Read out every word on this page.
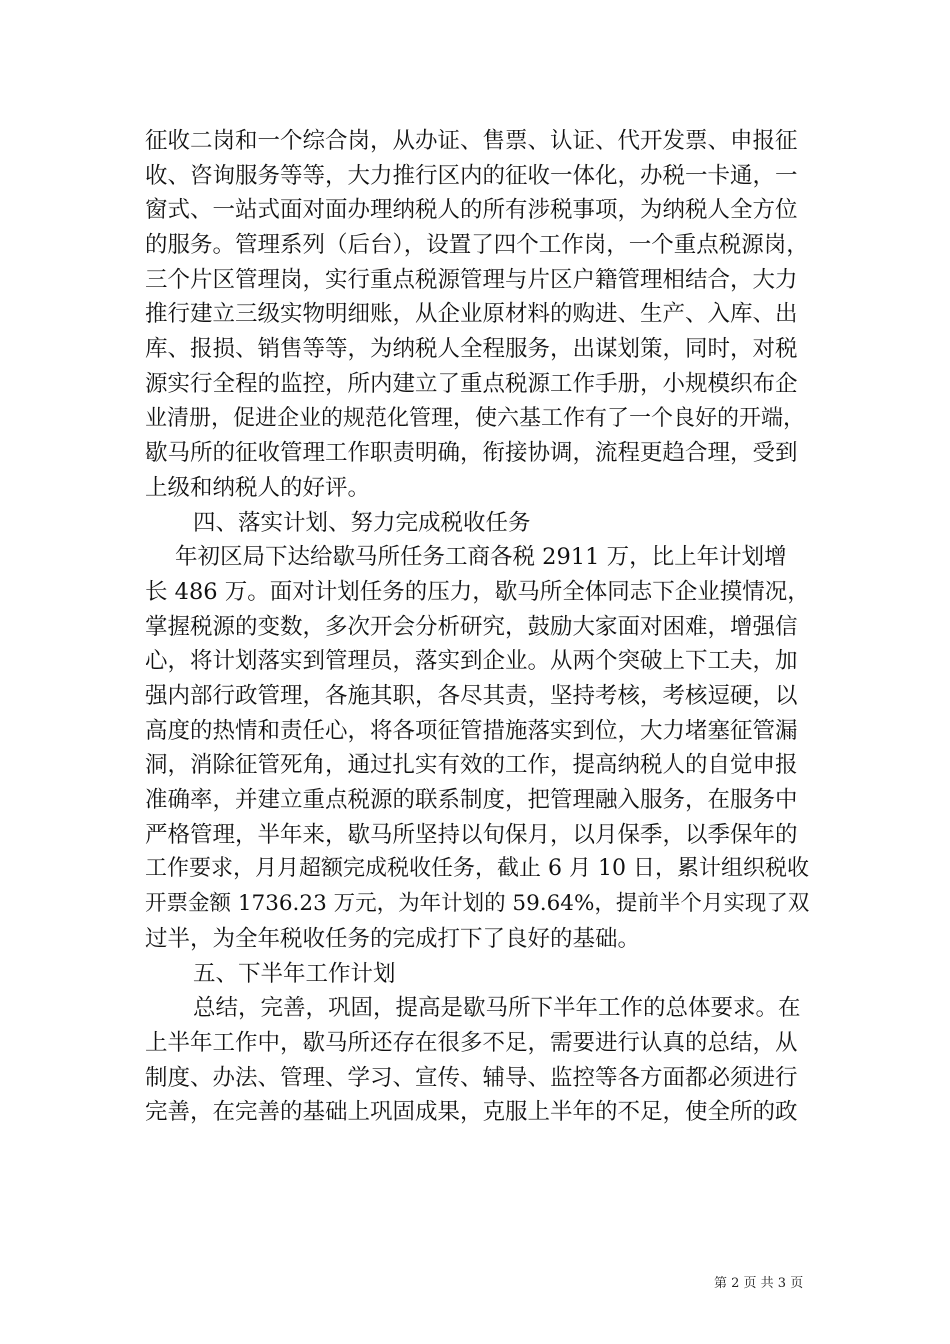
征收二岗和一个综合岗，从办证、售票、认证、代开发票、申报征
收、咨询服务等等，大力推行区内的征收一体化，办税一卡通，一
窗式、一站式面对面办理纳税人的所有涉税事项，为纳税人全方位
的服务。管理系列（后台），设置了四个工作岗，一个重点税源岗，
三个片区管理岗，实行重点税源管理与片区户籍管理相结合，大力
推行建立三级实物明细账，从企业原材料的购进、生产、入库、出
库、报损、销售等等，为纳税人全程服务，出谋划策，同时，对税
源实行全程的监控，所内建立了重点税源工作手册，小规模织布企
业清册，促进企业的规范化管理，使六基工作有了一个良好的开端，
歇马所的征收管理工作职责明确，衔接协调，流程更趋合理，受到
上级和纳税人的好评。
四、落实计划、努力完成税收任务
年初区局下达给歇马所任务工商各税 2911 万，比上年计划增
长 486 万。面对计划任务的压力，歇马所全体同志下企业摸情况，
掌握税源的变数，多次开会分析研究，鼓励大家面对困难，增强信
心，将计划落实到管理员，落实到企业。从两个突破上下工夫，加
强内部行政管理，各施其职，各尽其责，坚持考核，考核逗硬，以
高度的热情和责任心，将各项征管措施落实到位，大力堵塞征管漏
洞，消除征管死角，通过扎实有效的工作，提高纳税人的自觉申报
准确率，并建立重点税源的联系制度，把管理融入服务，在服务中
严格管理，半年来，歇马所坚持以旬保月，以月保季，以季保年的
工作要求，月月超额完成税收任务，截止 6 月 10 日，累计组织税收
开票金额 1736.23 万元，为年计划的 59.64%，提前半个月实现了双
过半，为全年税收任务的完成打下了良好的基础。
五、下半年工作计划
总结，完善，巩固，提高是歇马所下半年工作的总体要求。在
上半年工作中，歇马所还存在很多不足，需要进行认真的总结，从
制度、办法、管理、学习、宣传、辅导、监控等各方面都必须进行
完善，在完善的基础上巩固成果，克服上半年的不足，使全所的政
第 2 页 共 3 页
